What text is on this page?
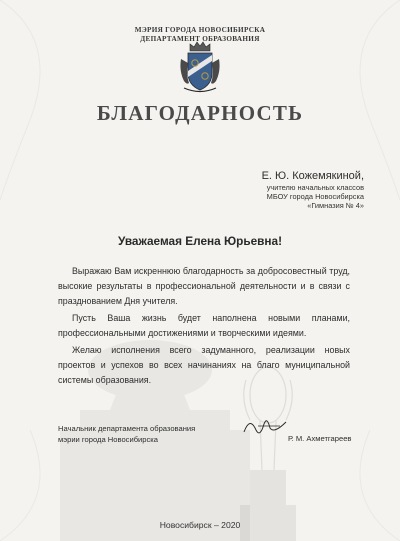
МЭРИЯ ГОРОДА НОВОСИБИРСКА
ДЕПАРТАМЕНТ ОБРАЗОВАНИЯ
БЛАГОДАРНОСТЬ
Е. Ю. Кожемякиной,
учителю начальных классов
МБОУ города Новосибирска
«Гимназия № 4»
Уважаемая Елена Юрьевна!
Выражаю Вам искреннюю благодарность за добросовестный труд, высокие результаты в профессиональной деятельности и в связи с празднованием Дня учителя.
Пусть Ваша жизнь будет наполнена новыми планами, профессиональными достижениями и творческими идеями.
Желаю исполнения всего задуманного, реализации новых проектов и успехов во всех начинаниях на благо муниципальной системы образования.
Начальник департамента образования
мэрии города Новосибирска	Р. М. Ахметгареев
Новосибирск – 2020
